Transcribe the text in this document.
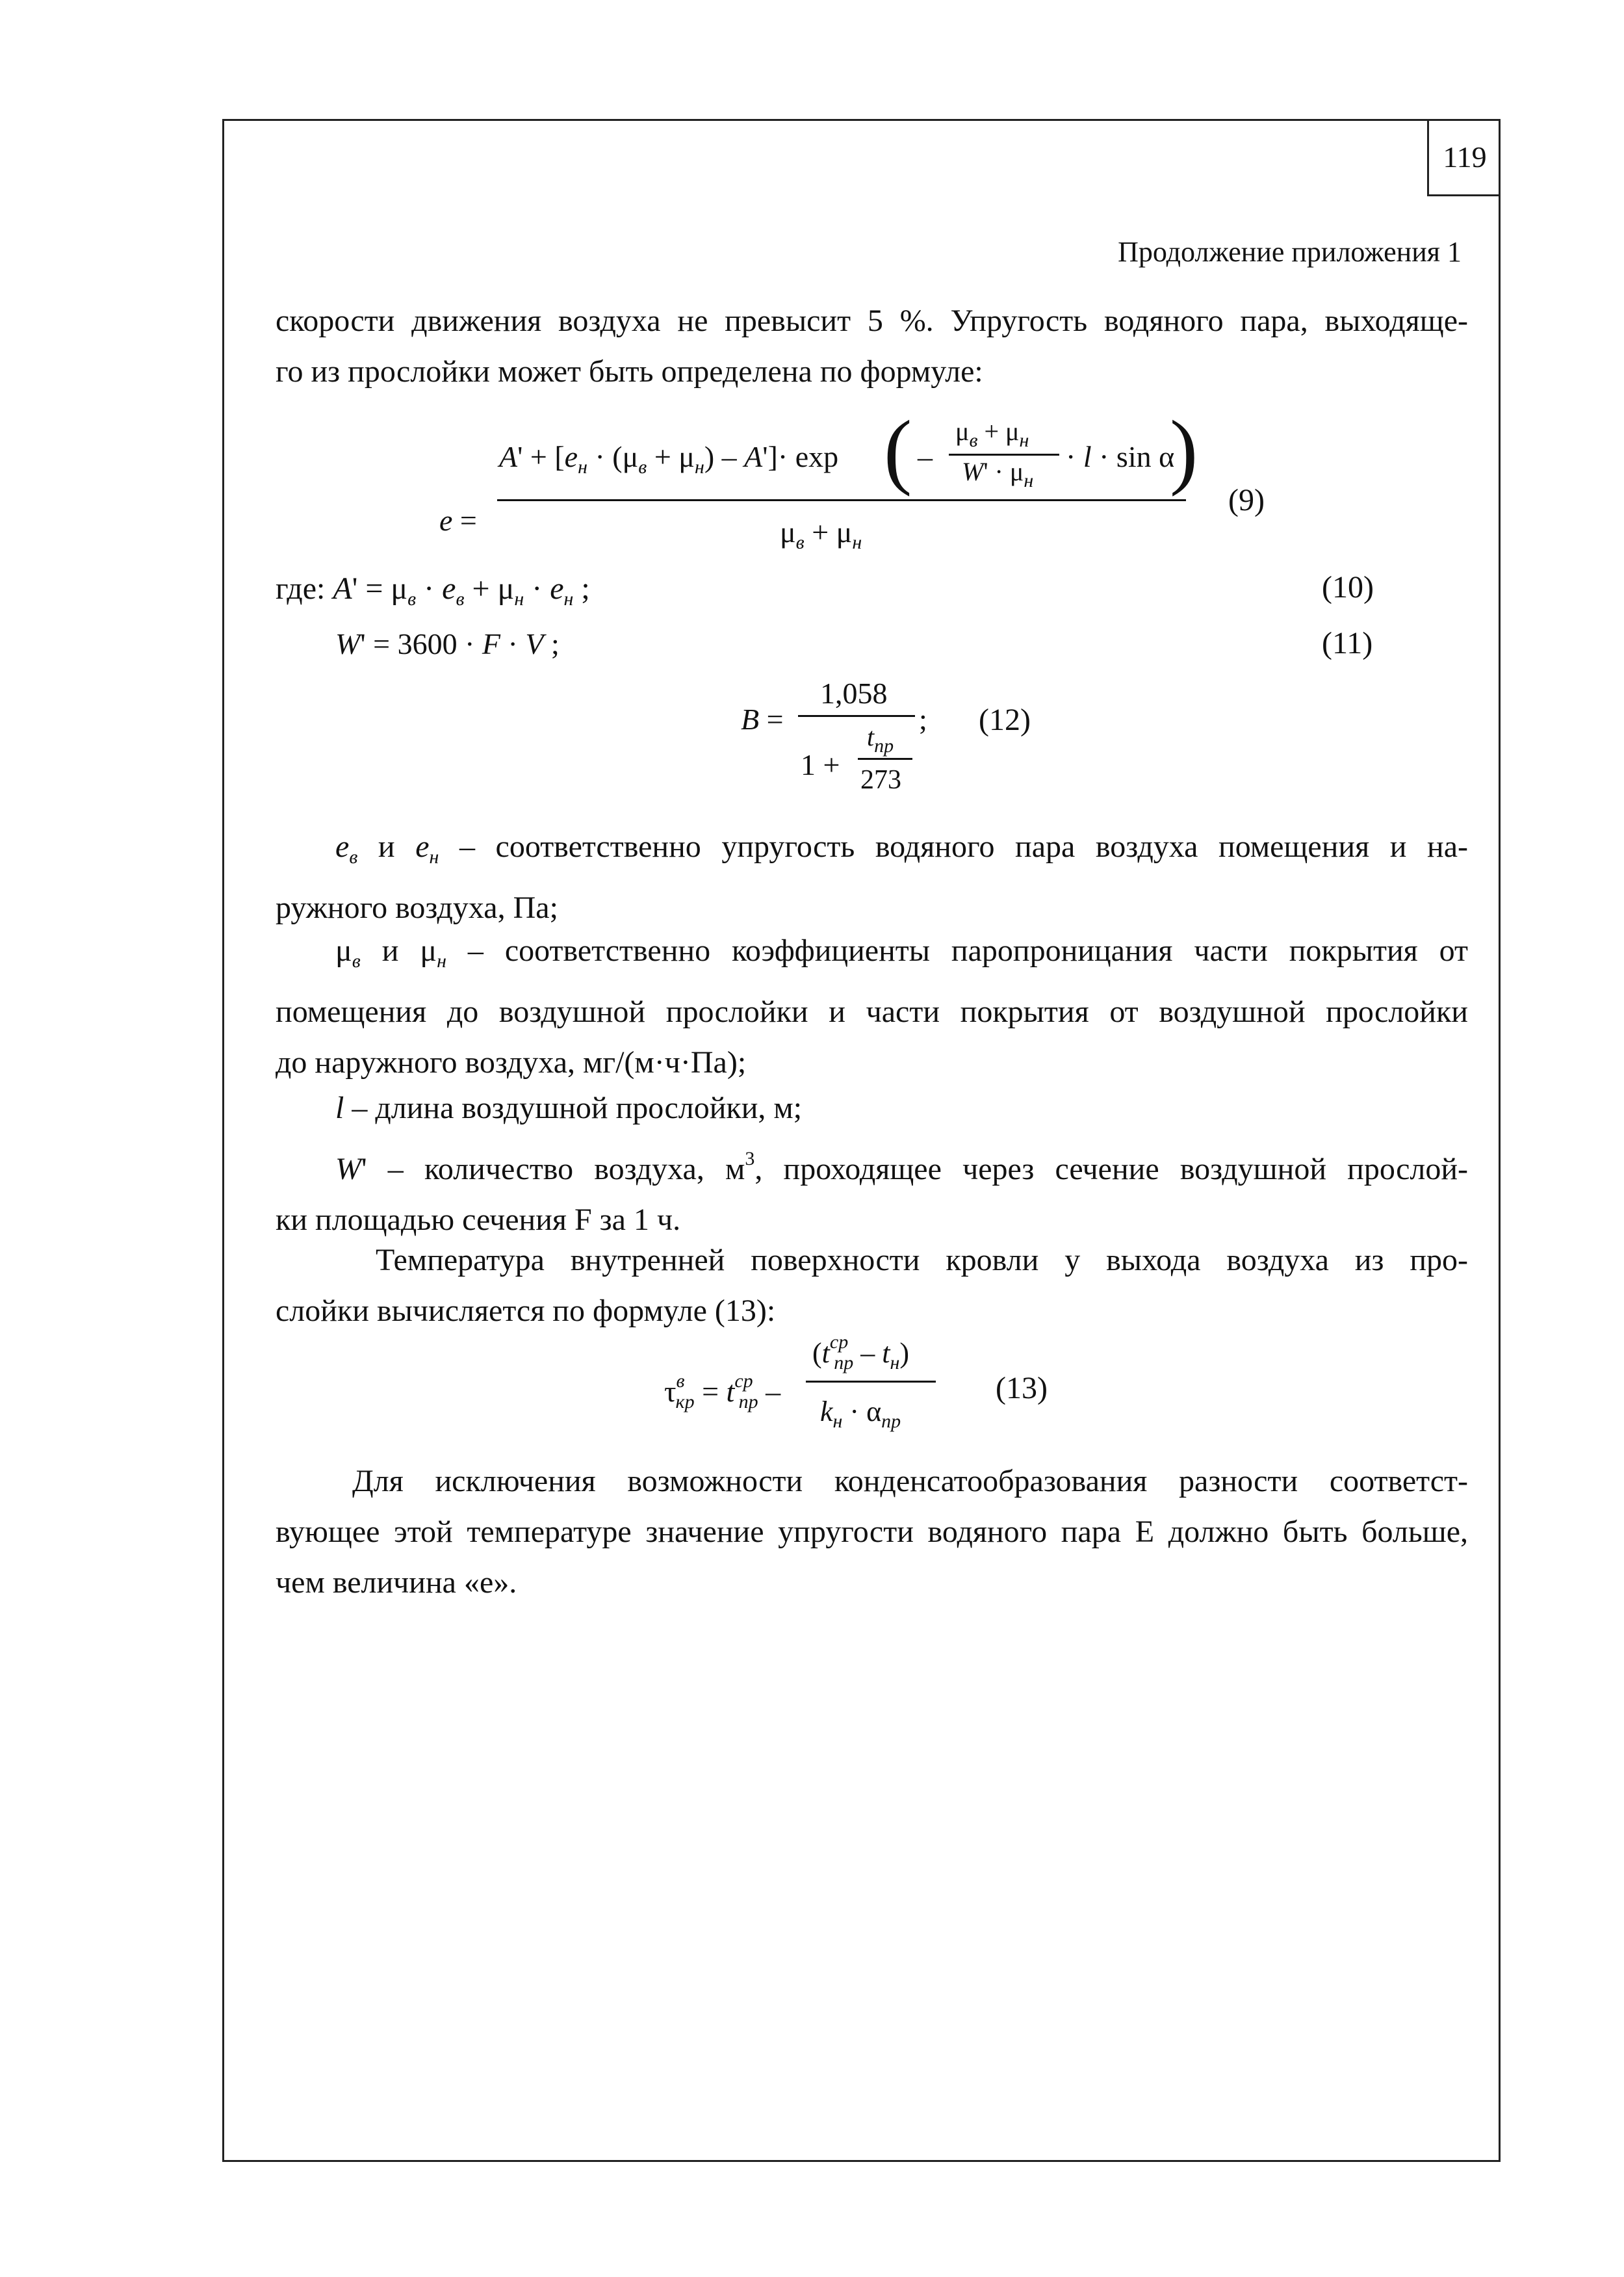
119
Продолжение приложения 1
скорости движения воздуха не превысит 5 %. Упругость водяного пара, выходяще-
го из прослойки может быть определена по формуле:
e =
$A' + [e_н \cdot (\mu_в + \mu_н) - A']\cdot \exp$ ( –
$\mu_в + \mu_н$
$W' \cdot \mu_н$
· l · sin α
)
$\mu_в + \mu_н$
(9)
где: $A' = \mu_в \cdot e_в + \mu_н \cdot e_н$ ;	(10)
W' = 3600 · F · V ;	(11)
B =
1,058
;
1 +
$t_{пр}$
273
(12)
$e_в$ и $e_н$ – соответственно упругость водяного пара воздуха помещения и на-
ружного воздуха, Па;
$\mu_в$ и $\mu_н$ – соответственно коэффициенты паропроницания части покрытия от
помещения до воздушной прослойки и части покрытия от воздушной прослойки
до наружного воздуха, мг/(м·ч·Па);
l – длина воздушной прослойки, м;
W' – количество воздуха, $м^3$, проходящее через сечение воздушной прослой-
ки площадью сечения F за 1 ч.
Температура внутренней поверхности кровли у выхода воздуха из про-
слойки вычисляется по формуле (13):
$\tau^в_{кр} = t^{ср}_{пр}$ –
$(t^{ср}_{пр} - t_н)$
$k_н \cdot \alpha_{пр}$
(13)
Для исключения возможности конденсатообразования разности соответст-
вующее этой температуре значение упругости водяного пара Е должно быть больше,
чем величина «е».
